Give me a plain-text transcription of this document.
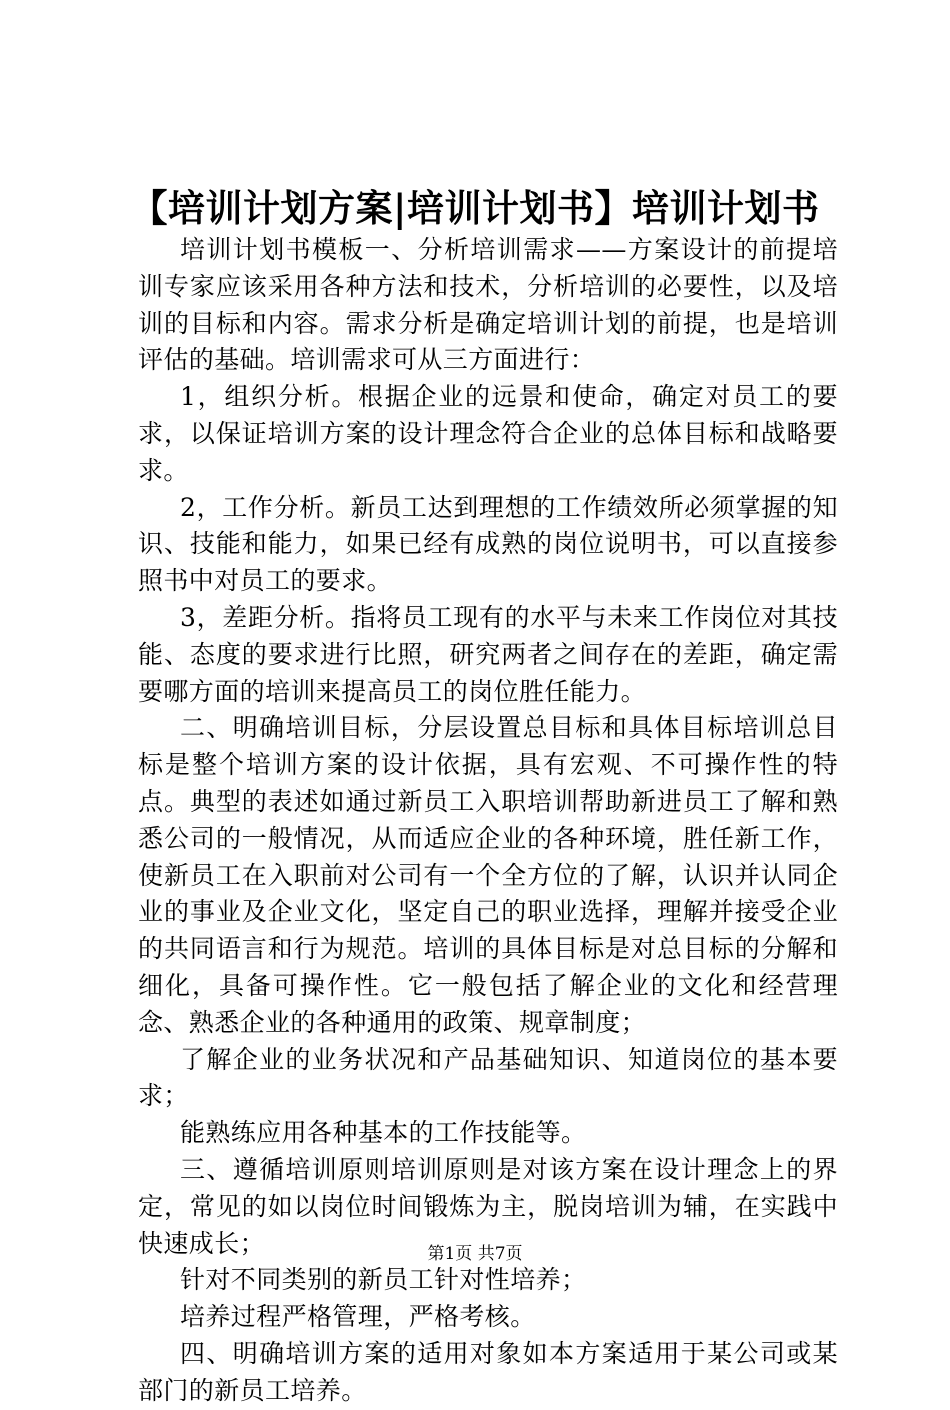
【培训计划方案|培训计划书】培训计划书

培训计划书模板一、分析培训需求——方案设计的前提培训专家应该采用各种方法和技术，分析培训的必要性，以及培训的目标和内容。需求分析是确定培训计划的前提，也是培训评估的基础。培训需求可从三方面进行：

1，组织分析。根据企业的远景和使命，确定对员工的要求，以保证培训方案的设计理念符合企业的总体目标和战略要求。

2，工作分析。新员工达到理想的工作绩效所必须掌握的知识、技能和能力，如果已经有成熟的岗位说明书，可以直接参照书中对员工的要求。

3，差距分析。指将员工现有的水平与未来工作岗位对其技能、态度的要求进行比照，研究两者之间存在的差距，确定需要哪方面的培训来提高员工的岗位胜任能力。

二、明确培训目标，分层设置总目标和具体目标培训总目标是整个培训方案的设计依据，具有宏观、不可操作性的特点。典型的表述如通过新员工入职培训帮助新进员工了解和熟悉公司的一般情况，从而适应企业的各种环境，胜任新工作，使新员工在入职前对公司有一个全方位的了解，认识并认同企业的事业及企业文化，坚定自己的职业选择，理解并接受企业的共同语言和行为规范。培训的具体目标是对总目标的分解和细化，具备可操作性。它一般包括了解企业的文化和经营理念、熟悉企业的各种通用的政策、规章制度；

了解企业的业务状况和产品基础知识、知道岗位的基本要求；

能熟练应用各种基本的工作技能等。

三、遵循培训原则培训原则是对该方案在设计理念上的界定，常见的如以岗位时间锻炼为主，脱岗培训为辅，在实践中快速成长；

针对不同类别的新员工针对性培养；

培养过程严格管理，严格考核。

四、明确培训方案的适用对象如本方案适用于某公司或某部门的新员工培养。

第1页 共7页
